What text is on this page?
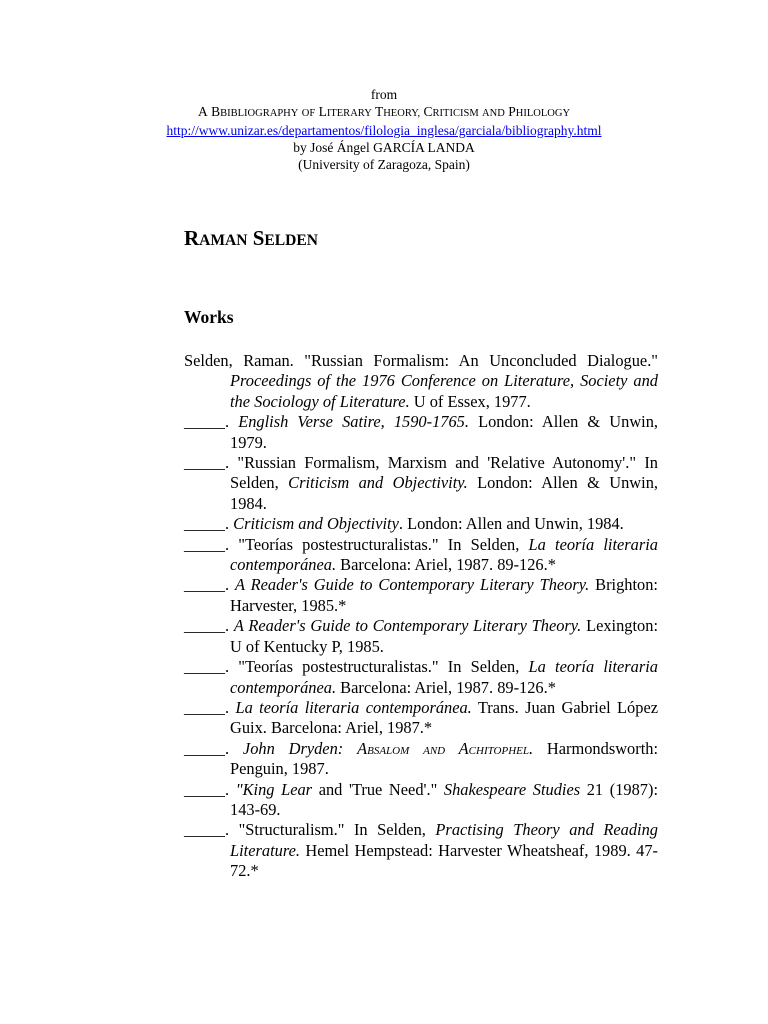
from
A BBIBLIOGRAPHY OF LITERARY THEORY, CRITICISM AND PHILOLOGY
http://www.unizar.es/departamentos/filologia_inglesa/garciala/bibliography.html
by José Ángel GARCÍA LANDA
(University of Zaragoza, Spain)
RAMAN SELDEN
Works

Selden, Raman. "Russian Formalism: An Unconcluded Dialogue." Proceedings of the 1976 Conference on Literature, Society and the Sociology of Literature. U of Essex, 1977.

_____. English Verse Satire, 1590-1765. London: Allen & Unwin, 1979.

_____. "Russian Formalism, Marxism and 'Relative Autonomy'." In Selden, Criticism and Objectivity. London: Allen & Unwin, 1984.

_____. Criticism and Objectivity. London: Allen and Unwin, 1984.

_____. "Teorías postestructuralistas." In Selden, La teoría literaria contemporánea. Barcelona: Ariel, 1987. 89-126.*

_____. A Reader's Guide to Contemporary Literary Theory. Brighton: Harvester, 1985.*

_____. A Reader's Guide to Contemporary Literary Theory. Lexington: U of Kentucky P, 1985.

_____. "Teorías postestructuralistas." In Selden, La teoría literaria contemporánea. Barcelona: Ariel, 1987. 89-126.*

_____. La teoría literaria contemporánea. Trans. Juan Gabriel López Guix. Barcelona: Ariel, 1987.*

_____. John Dryden: Absalom and Achitophel. Harmondsworth: Penguin, 1987.

_____. "King Lear and 'True Need'." Shakespeare Studies 21 (1987): 143-69.

_____. "Structuralism." In Selden, Practising Theory and Reading Literature. Hemel Hempstead: Harvester Wheatsheaf, 1989. 47-72.*
